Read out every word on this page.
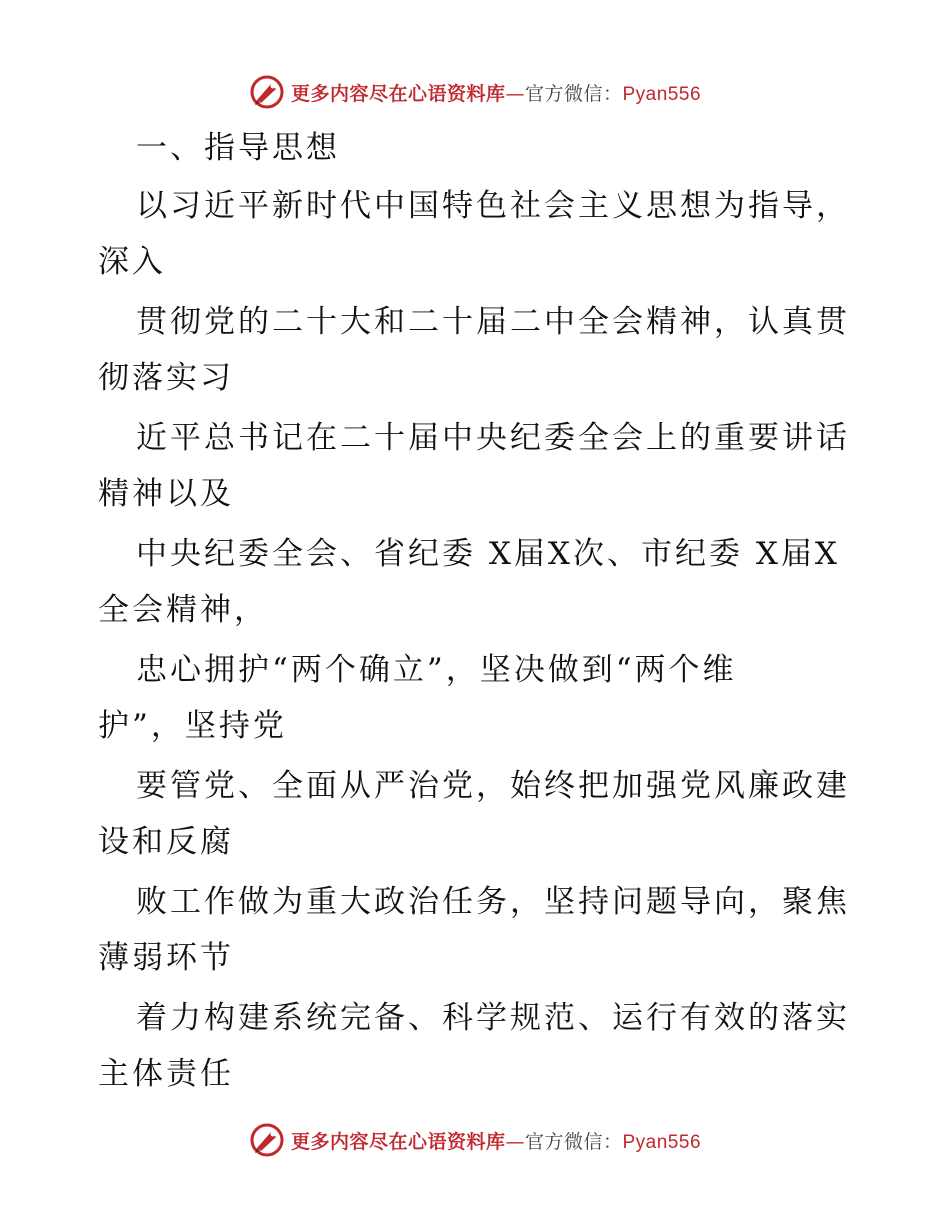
更多内容尽在心语资料库—官方微信：Pyan556
一、指导思想
以习近平新时代中国特色社会主义思想为指导，
深入
贯彻党的二十大和二十届二中全会精神，认真贯
彻落实习
近平总书记在二十届中央纪委全会上的重要讲话
精神以及
中央纪委全会、省纪委 X届X次、市纪委 X届X
全会精神，
忠心拥护“两个确立”，坚决做到“两个维
护”，坚持党
要管党、全面从严治党，始终把加强党风廉政建
设和反腐
败工作做为重大政治任务，坚持问题导向，聚焦
薄弱环节
着力构建系统完备、科学规范、运行有效的落实
主体责任
更多内容尽在心语资料库—官方微信：Pyan556
